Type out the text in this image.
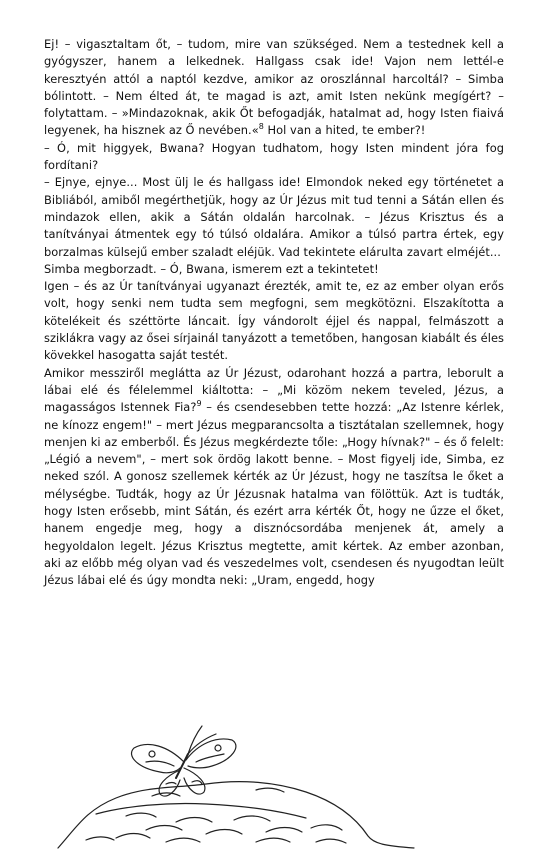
Ej! – vigasztaltam őt, – tudom, mire van szükséged. Nem a testednek kell a gyógyszer, hanem a lelkednek. Hallgass csak ide! Vajon nem lettél-e keresztyén attól a naptól kezdve, amikor az oroszlánnal harcoltál? – Simba bólintott. – Nem élted át, te magad is azt, amit Isten nekünk megígért? – folytattam. – »Mindazoknak, akik Őt befogadják, hatalmat ad, hogy Isten fiaivá legyenek, ha hisznek az Ő nevében.«$^8$ Hol van a hited, te ember?!

– Ó, mit higgyek, Bwana? Hogyan tudhatom, hogy Isten mindent jóra fog fordítani?

– Ejnye, ejnye... Most ülj le és hallgass ide! Elmondok neked egy történetet a Bibliából, amiből megérthetjük, hogy az Úr Jézus mit tud tenni a Sátán ellen és mindazok ellen, akik a Sátán oldalán harcolnak. – Jézus Krisztus és a tanítványai átmentek egy tó túlsó oldalára. Amikor a túlsó partra értek, egy borzalmas külsejű ember szaladt eléjük. Vad tekintete elárulta zavart elméjét...

Simba megborzadt. – Ó, Bwana, ismerem ezt a tekintetet!

Igen – és az Úr tanítványai ugyanazt érezték, amit te, ez az ember olyan erős volt, hogy senki nem tudta sem megfogni, sem megkötözni. Elszakította a kötelékeit és széttörte láncait. Így vándorolt éjjel és nappal, felmászott a sziklákra vagy az ősei sírjainál tanyázott a temetőben, hangosan kiabált és éles kövekkel hasogatta saját testét.

Amikor messziről meglátta az Úr Jézust, odarohant hozzá a partra, leborult a lábai elé és félelemmel kiáltotta: – „Mi közöm nekem teveled, Jézus, a magasságos Istennek Fia?$^9$ – és csendesebben tette hozzá: „Az Istenre kérlek, ne kínozz engem!" – mert Jézus megparancsolta a tisztátalan szellemnek, hogy menjen ki az emberből. És Jézus megkérdezte tőle: „Hogy hívnak?" – és ő felelt: „Légió a nevem", – mert sok ördög lakott benne. – Most figyelj ide, Simba, ez neked szól. A gonosz szellemek kérték az Úr Jézust, hogy ne taszítsa le őket a mélységbe. Tudták, hogy az Úr Jézusnak hatalma van fölöttük. Azt is tudták, hogy Isten erősebb, mint Sátán, és ezért arra kérték Őt, hogy ne űzze el őket, hanem engedje meg, hogy a disznócsordába menjenek át, amely a hegyoldalon legelt. Jézus Krisztus megtette, amit kértek. Az ember azonban, aki az előbb még olyan vad és veszedelmes volt, csendesen és nyugodtan leült Jézus lábai elé és úgy mondta neki: „Uram, engedd, hogy
